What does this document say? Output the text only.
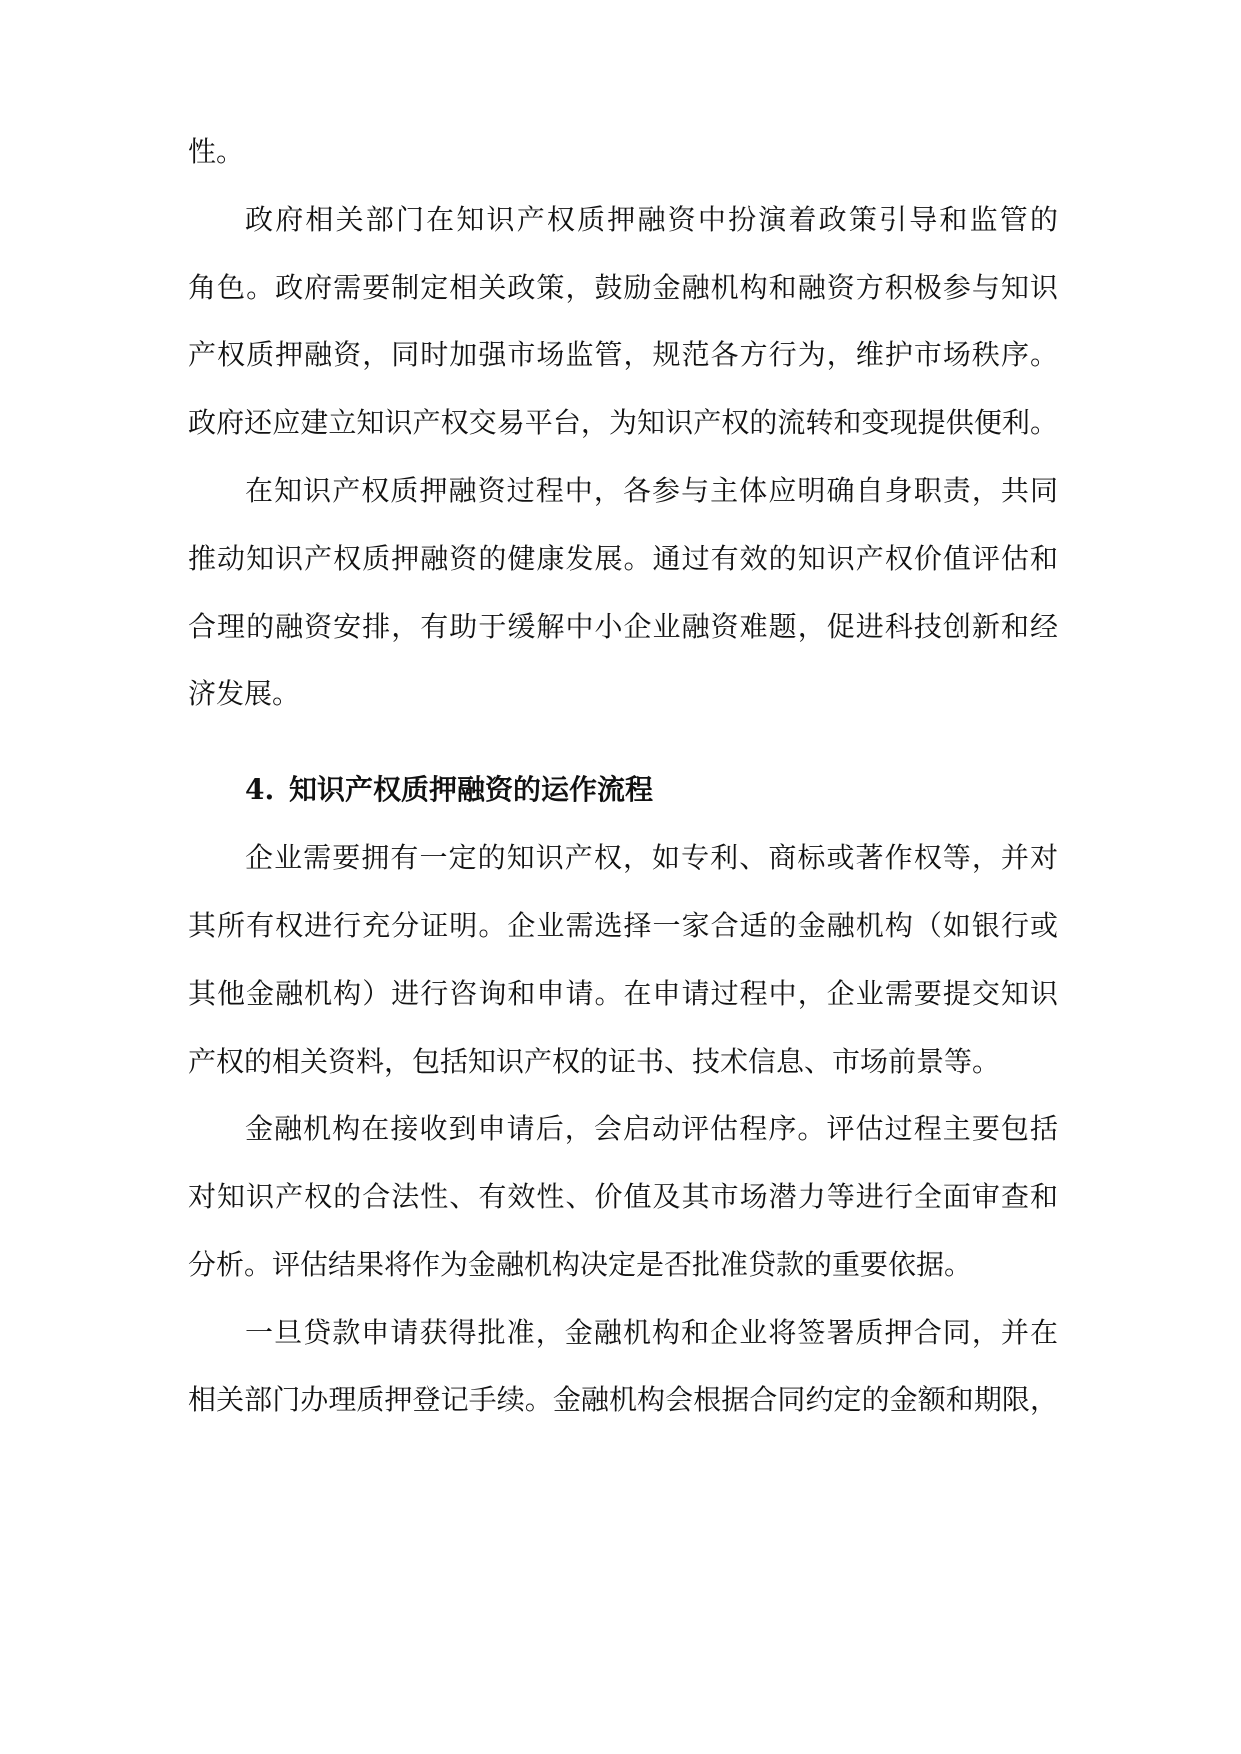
性。
政府相关部门在知识产权质押融资中扮演着政策引导和监管的
角色。政府需要制定相关政策，鼓励金融机构和融资方积极参与知识
产权质押融资，同时加强市场监管，规范各方行为，维护市场秩序。
政府还应建立知识产权交易平台，为知识产权的流转和变现提供便利。
在知识产权质押融资过程中，各参与主体应明确自身职责，共同
推动知识产权质押融资的健康发展。通过有效的知识产权价值评估和
合理的融资安排，有助于缓解中小企业融资难题，促进科技创新和经
济发展。
4. 知识产权质押融资的运作流程
企业需要拥有一定的知识产权，如专利、商标或著作权等，并对
其所有权进行充分证明。企业需选择一家合适的金融机构（如银行或
其他金融机构）进行咨询和申请。在申请过程中，企业需要提交知识
产权的相关资料，包括知识产权的证书、技术信息、市场前景等。
金融机构在接收到申请后，会启动评估程序。评估过程主要包括
对知识产权的合法性、有效性、价值及其市场潜力等进行全面审查和
分析。评估结果将作为金融机构决定是否批准贷款的重要依据。
一旦贷款申请获得批准，金融机构和企业将签署质押合同，并在
相关部门办理质押登记手续。金融机构会根据合同约定的金额和期限，
